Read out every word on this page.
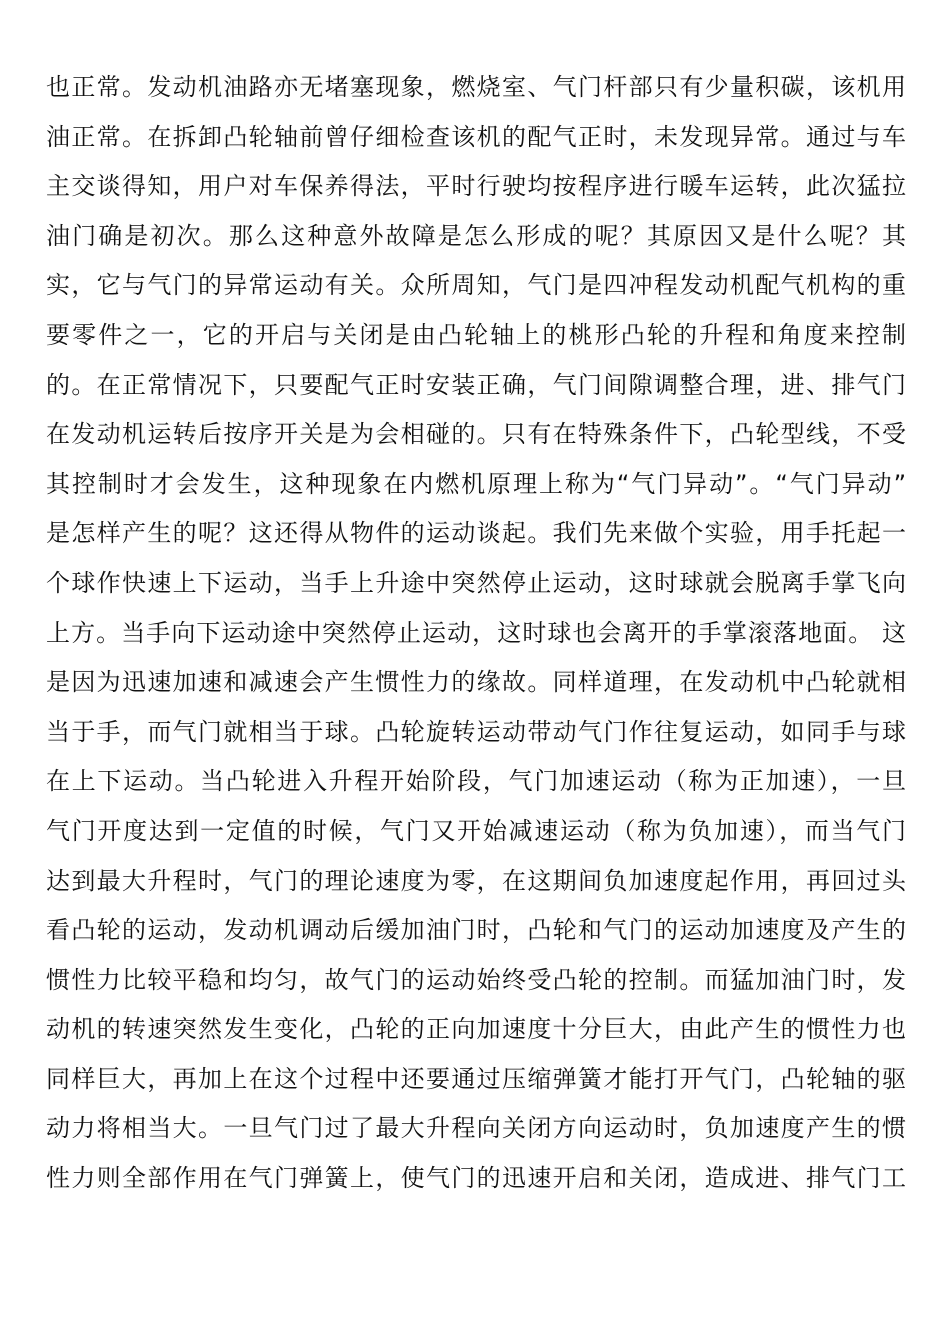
也正常。发动机油路亦无堵塞现象，燃烧室、气门杆部只有少量积碳，该机用
油正常。在拆卸凸轮轴前曾仔细检查该机的配气正时，未发现异常。通过与车
主交谈得知，用户对车保养得法，平时行驶均按程序进行暖车运转，此次猛拉
油门确是初次。那么这种意外故障是怎么形成的呢？其原因又是什么呢？其
实，它与气门的异常运动有关。众所周知，气门是四冲程发动机配气机构的重
要零件之一，它的开启与关闭是由凸轮轴上的桃形凸轮的升程和角度来控制
的。在正常情况下，只要配气正时安装正确，气门间隙调整合理，进、排气门
在发动机运转后按序开关是为会相碰的。只有在特殊条件下，凸轮型线，不受
其控制时才会发生，这种现象在内燃机原理上称为“气门异动”。“气门异动”
是怎样产生的呢？这还得从物件的运动谈起。我们先来做个实验，用手托起一
个球作快速上下运动，当手上升途中突然停止运动，这时球就会脱离手掌飞向
上方。当手向下运动途中突然停止运动，这时球也会离开的手掌滚落地面。 这
是因为迅速加速和减速会产生惯性力的缘故。同样道理，在发动机中凸轮就相
当于手，而气门就相当于球。凸轮旋转运动带动气门作往复运动，如同手与球
在上下运动。当凸轮进入升程开始阶段，气门加速运动（称为正加速），一旦
气门开度达到一定值的时候，气门又开始减速运动（称为负加速），而当气门
达到最大升程时，气门的理论速度为零，在这期间负加速度起作用，再回过头
看凸轮的运动，发动机调动后缓加油门时，凸轮和气门的运动加速度及产生的
惯性力比较平稳和均匀，故气门的运动始终受凸轮的控制。而猛加油门时，发
动机的转速突然发生变化，凸轮的正向加速度十分巨大，由此产生的惯性力也
同样巨大，再加上在这个过程中还要通过压缩弹簧才能打开气门，凸轮轴的驱
动力将相当大。一旦气门过了最大升程向关闭方向运动时，负加速度产生的惯
性力则全部作用在气门弹簧上，使气门的迅速开启和关闭，造成进、排气门工
